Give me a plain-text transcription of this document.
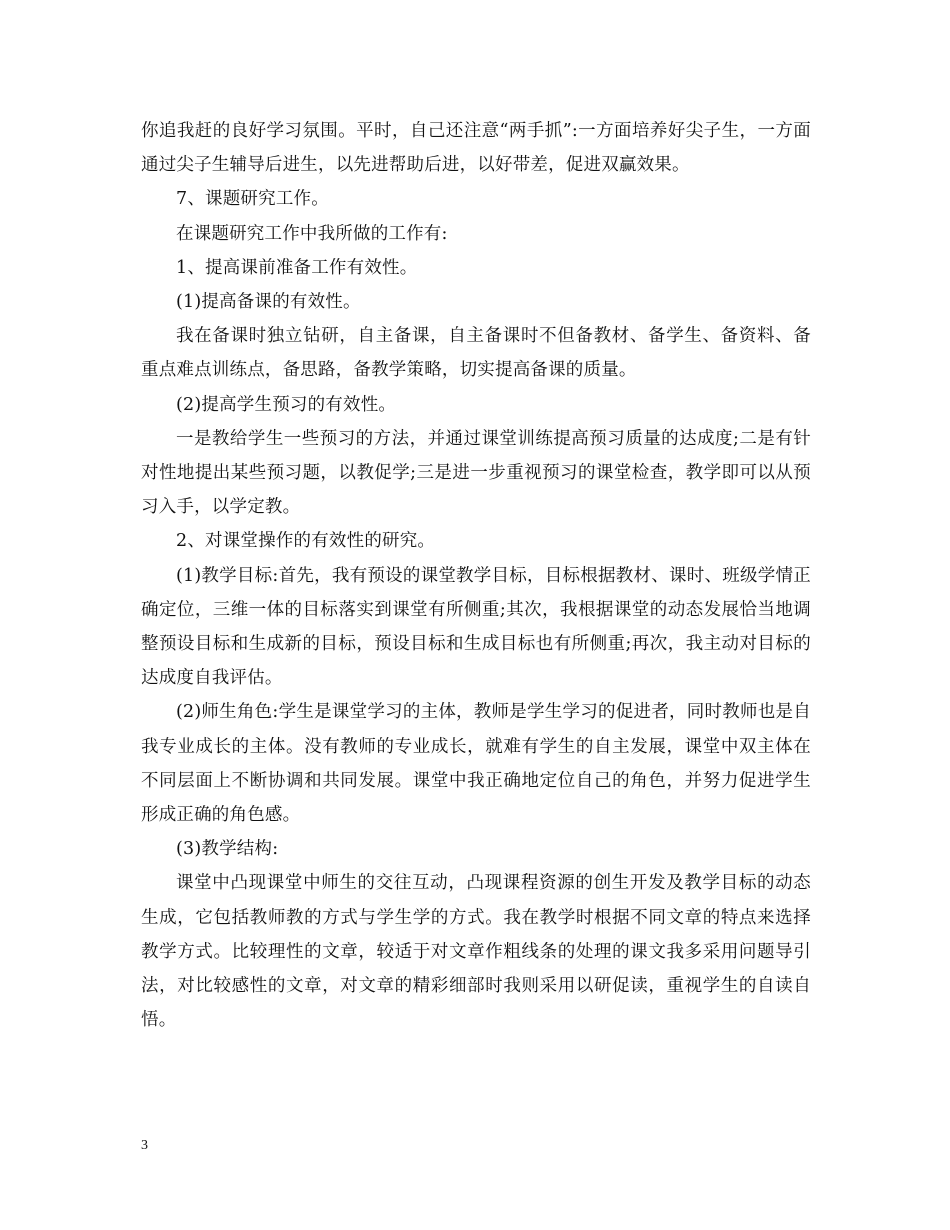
你追我赶的良好学习氛围。平时，自己还注意“两手抓”:一方面培养好尖子生，一方面通过尖子生辅导后进生，以先进帮助后进，以好带差，促进双赢效果。

7、课题研究工作。

在课题研究工作中我所做的工作有:

1、提高课前准备工作有效性。

(1)提高备课的有效性。

我在备课时独立钻研，自主备课，自主备课时不但备教材、备学生、备资料、备重点难点训练点，备思路，备教学策略，切实提高备课的质量。

(2)提高学生预习的有效性。

一是教给学生一些预习的方法，并通过课堂训练提高预习质量的达成度;二是有针对性地提出某些预习题，以教促学;三是进一步重视预习的课堂检查，教学即可以从预习入手，以学定教。

2、对课堂操作的有效性的研究。

(1)教学目标:首先，我有预设的课堂教学目标，目标根据教材、课时、班级学情正确定位，三维一体的目标落实到课堂有所侧重;其次，我根据课堂的动态发展恰当地调整预设目标和生成新的目标，预设目标和生成目标也有所侧重;再次，我主动对目标的达成度自我评估。

(2)师生角色:学生是课堂学习的主体，教师是学生学习的促进者，同时教师也是自我专业成长的主体。没有教师的专业成长，就难有学生的自主发展，课堂中双主体在不同层面上不断协调和共同发展。课堂中我正确地定位自己的角色，并努力促进学生形成正确的角色感。

(3)教学结构:

课堂中凸现课堂中师生的交往互动，凸现课程资源的创生开发及教学目标的动态生成，它包括教师教的方式与学生学的方式。我在教学时根据不同文章的特点来选择教学方式。比较理性的文章，较适于对文章作粗线条的处理的课文我多采用问题导引法，对比较感性的文章，对文章的精彩细部时我则采用以研促读，重视学生的自读自悟。

3
